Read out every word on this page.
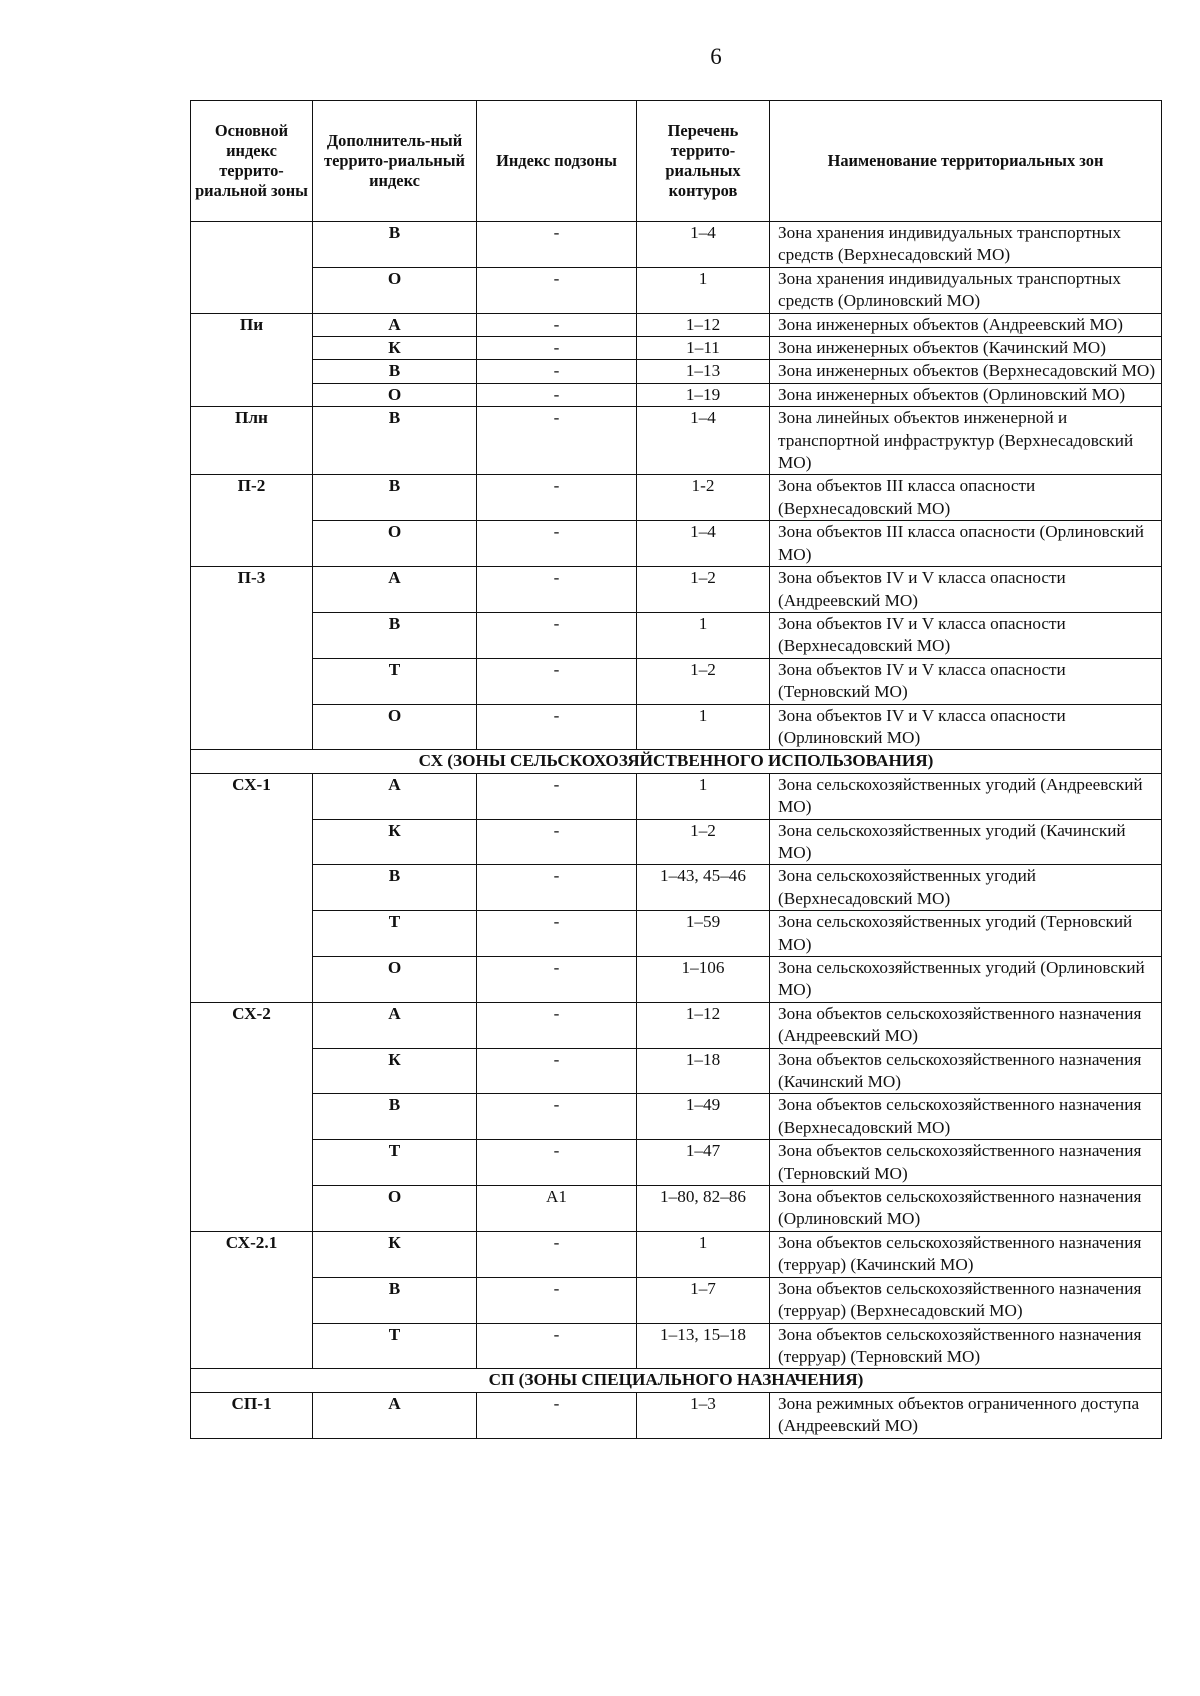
6
Основной индекс террито-риальной зоны	Дополнитель-ный террито-риальный индекс	Индекс подзоны	Перечень террито-риальных контуров	Наименование территориальных зон
	В	-	1–4	Зона хранения индивидуальных транспортных средств (Верхнесадовский МО)
	О	-	1	Зона хранения индивидуальных транспортных средств (Орлиновский МО)
Пи	А	-	1–12	Зона инженерных объектов (Андреевский МО)
	К	-	1–11	Зона инженерных объектов (Качинский МО)
	В	-	1–13	Зона инженерных объектов (Верхнесадовский МО)
	О	-	1–19	Зона инженерных объектов (Орлиновский МО)
Плн	В	-	1–4	Зона линейных объектов инженерной и транспортной инфраструктур (Верхнесадовский МО)
П-2	В	-	1-2	Зона объектов III класса опасности (Верхнесадовский МО)
	О	-	1–4	Зона объектов III класса опасности (Орлиновский МО)
П-3	А	-	1–2	Зона объектов IV и V класса опасности (Андреевский МО)
	В	-	1	Зона объектов IV и V класса опасности (Верхнесадовский МО)
	Т	-	1–2	Зона объектов IV и V класса опасности (Терновский МО)
	О	-	1	Зона объектов IV и V класса опасности (Орлиновский МО)
СХ (ЗОНЫ СЕЛЬСКОХОЗЯЙСТВЕННОГО ИСПОЛЬЗОВАНИЯ)				
СХ-1	А	-	1	Зона сельскохозяйственных угодий (Андреевский МО)
	К	-	1–2	Зона сельскохозяйственных угодий (Качинский МО)
	В	-	1–43, 45–46	Зона сельскохозяйственных угодий (Верхнесадовский МО)
	Т	-	1–59	Зона сельскохозяйственных угодий (Терновский МО)
	О	-	1–106	Зона сельскохозяйственных угодий (Орлиновский МО)
СХ-2	А	-	1–12	Зона объектов сельскохозяйственного назначения (Андреевский МО)
	К	-	1–18	Зона объектов сельскохозяйственного назначения (Качинский МО)
	В	-	1–49	Зона объектов сельскохозяйственного назначения (Верхнесадовский МО)
	Т	-	1–47	Зона объектов сельскохозяйственного назначения (Терновский МО)
	О	А1	1–80, 82–86	Зона объектов сельскохозяйственного назначения (Орлиновский МО)
СХ-2.1	К	-	1	Зона объектов сельскохозяйственного назначения (терруар) (Качинский МО)
	В	-	1–7	Зона объектов сельскохозяйственного назначения (терруар) (Верхнесадовский МО)
	Т	-	1–13, 15–18	Зона объектов сельскохозяйственного назначения (терруар) (Терновский МО)
СП (ЗОНЫ СПЕЦИАЛЬНОГО НАЗНАЧЕНИЯ)				
СП-1	А	-	1–3	Зона режимных объектов ограниченного доступа (Андреевский МО)
